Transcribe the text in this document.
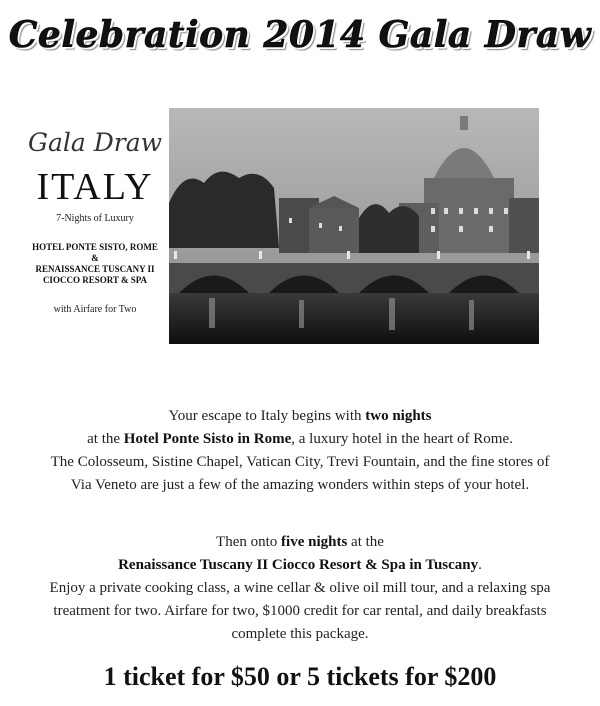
Celebration 2014 Gala Draw
Gala Draw
ITALY
7-Nights of Luxury
HOTEL PONTE SISTO, ROME
&
RENAISSANCE TUSCANY II
CIOCCO RESORT & SPA
with Airfare for Two
Your escape to Italy begins with two nights
at the Hotel Ponte Sisto in Rome, a luxury hotel in the heart of Rome.
The Colosseum, Sistine Chapel, Vatican City, Trevi Fountain, and the fine stores of
Via Veneto are just a few of the amazing wonders within steps of your hotel.
Then onto five nights at the
Renaissance Tuscany II Ciocco Resort & Spa in Tuscany.
Enjoy a private cooking class, a wine cellar & olive oil mill tour, and a relaxing spa
treatment for two. Airfare for two, $1000 credit for car rental, and daily breakfasts
complete this package.
1 ticket for $50 or 5 tickets for $200
